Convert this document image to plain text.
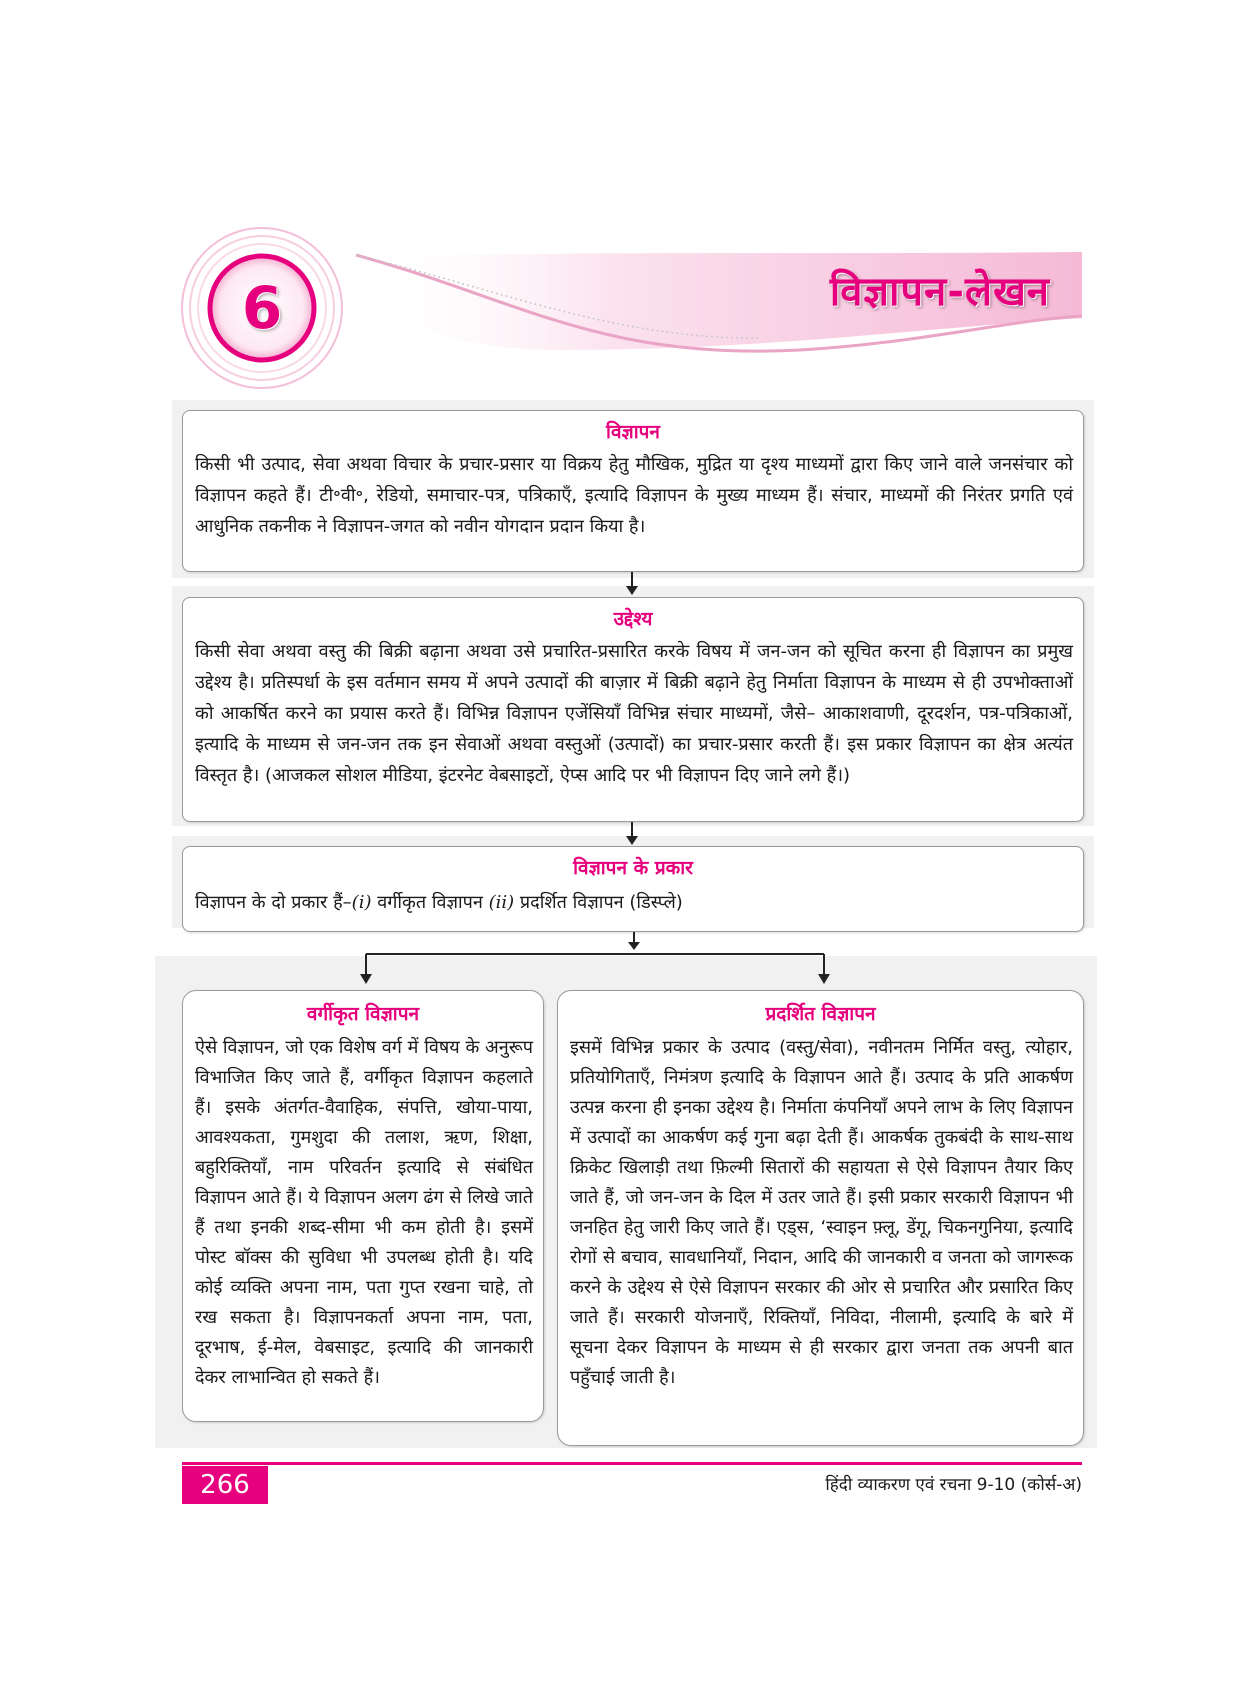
6	विज्ञापन-लेखन

विज्ञापन

किसी भी उत्पाद, सेवा अथवा विचार के प्रचार-प्रसार या विक्रय हेतु मौखिक, मुद्रित या दृश्य माध्यमों द्वारा किए जाने वाले जनसंचार को विज्ञापन कहते हैं। टी॰वी॰, रेडियो, समाचार-पत्र, पत्रिकाएँ, इत्यादि विज्ञापन के मुख्य माध्यम हैं। संचार, माध्यमों की निरंतर प्रगति एवं आधुनिक तकनीक ने विज्ञापन-जगत को नवीन योगदान प्रदान किया है।

उद्देश्य

किसी सेवा अथवा वस्तु की बिक्री बढ़ाना अथवा उसे प्रचारित-प्रसारित करके विषय में जन-जन को सूचित करना ही विज्ञापन का प्रमुख उद्देश्य है। प्रतिस्पर्धा के इस वर्तमान समय में अपने उत्पादों की बाज़ार में बिक्री बढ़ाने हेतु निर्माता विज्ञापन के माध्यम से ही उपभोक्ताओं को आकर्षित करने का प्रयास करते हैं। विभिन्न विज्ञापन एजेंसियाँ विभिन्न संचार माध्यमों, जैसे– आकाशवाणी, दूरदर्शन, पत्र-पत्रिकाओं, इत्यादि के माध्यम से जन-जन तक इन सेवाओं अथवा वस्तुओं (उत्पादों) का प्रचार-प्रसार करती हैं। इस प्रकार विज्ञापन का क्षेत्र अत्यंत विस्तृत है। (आजकल सोशल मीडिया, इंटरनेट वेबसाइटों, ऐप्स आदि पर भी विज्ञापन दिए जाने लगे हैं।)

विज्ञापन के प्रकार

विज्ञापन के दो प्रकार हैं–(i) वर्गीकृत विज्ञापन (ii) प्रदर्शित विज्ञापन (डिस्प्ले)

वर्गीकृत विज्ञापन

ऐसे विज्ञापन, जो एक विशेष वर्ग में विषय के अनुरूप विभाजित किए जाते हैं, वर्गीकृत विज्ञापन कहलाते हैं। इसके अंतर्गत-वैवाहिक, संपत्ति, खोया-पाया, आवश्यकता, गुमशुदा की तलाश, ऋण, शिक्षा, बहुरिक्तियाँ, नाम परिवर्तन इत्यादि से संबंधित विज्ञापन आते हैं। ये विज्ञापन अलग ढंग से लिखे जाते हैं तथा इनकी शब्द-सीमा भी कम होती है। इसमें पोस्ट बॉक्स की सुविधा भी उपलब्ध होती है। यदि कोई व्यक्ति अपना नाम, पता गुप्त रखना चाहे, तो रख सकता है। विज्ञापनकर्ता अपना नाम, पता, दूरभाष, ई-मेल, वेबसाइट, इत्यादि की जानकारी देकर लाभान्वित हो सकते हैं।

प्रदर्शित विज्ञापन

इसमें विभिन्न प्रकार के उत्पाद (वस्तु/सेवा), नवीनतम निर्मित वस्तु, त्योहार, प्रतियोगिताएँ, निमंत्रण इत्यादि के विज्ञापन आते हैं। उत्पाद के प्रति आकर्षण उत्पन्न करना ही इनका उद्देश्य है। निर्माता कंपनियाँ अपने लाभ के लिए विज्ञापन में उत्पादों का आकर्षण कई गुना बढ़ा देती हैं। आकर्षक तुकबंदी के साथ-साथ क्रिकेट खिलाड़ी तथा फ़िल्मी सितारों की सहायता से ऐसे विज्ञापन तैयार किए जाते हैं, जो जन-जन के दिल में उतर जाते हैं। इसी प्रकार सरकारी विज्ञापन भी जनहित हेतु जारी किए जाते हैं। एड्स, ‘स्वाइन फ़्लू, डेंगू, चिकनगुनिया, इत्यादि रोगों से बचाव, सावधानियाँ, निदान, आदि की जानकारी व जनता को जागरूक करने के उद्देश्य से ऐसे विज्ञापन सरकार की ओर से प्रचारित और प्रसारित किए जाते हैं। सरकारी योजनाएँ, रिक्तियाँ, निविदा, नीलामी, इत्यादि के बारे में सूचना देकर विज्ञापन के माध्यम से ही सरकार द्वारा जनता तक अपनी बात पहुँचाई जाती है।

266	हिंदी व्याकरण एवं रचना 9-10 (कोर्स-अ)
